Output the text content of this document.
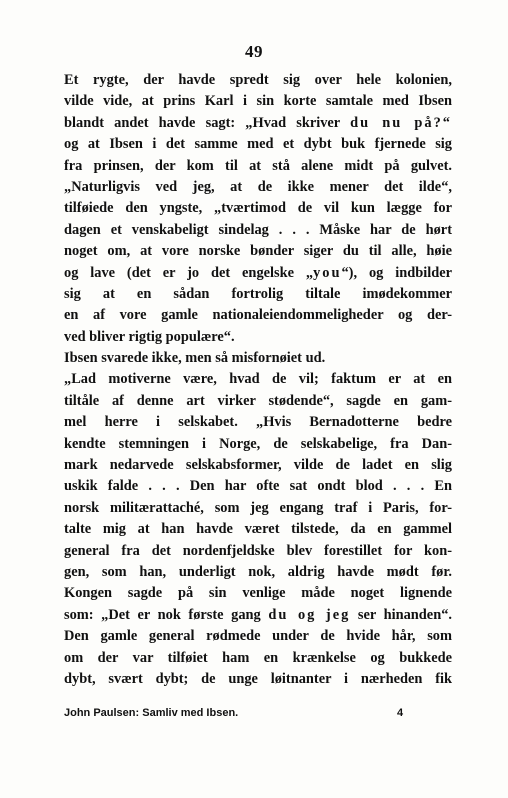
49
Et rygte, der havde spredt sig over hele kolonien,
vilde vide, at prins Karl i sin korte samtale med Ibsen
blandt andet havde sagt: „Hvad skriver du nu på?“
og at Ibsen i det samme med et dybt buk fjernede sig
fra prinsen, der kom til at stå alene midt på gulvet.
„Naturligvis ved jeg, at de ikke mener det ilde“,
tilføiede den yngste, „tværtimod de vil kun lægge for
dagen et venskabeligt sindelag . . . Måske har de hørt
noget om, at vore norske bønder siger du til alle, høie
og lave (det er jo det engelske „you“), og indbilder
sig at en sådan fortrolig tiltale imødekommer
en af vore gamle nationaleiendommeligheder og der-
ved bliver rigtig populære“.
Ibsen svarede ikke, men så misfornøiet ud.
„Lad motiverne være, hvad de vil; faktum er at en
tiltåle af denne art virker stødende“, sagde en gam-
mel herre i selskabet. „Hvis Bernadotterne bedre
kendte stemningen i Norge, de selskabelige, fra Dan-
mark nedarvede selskabsformer, vilde de ladet en slig
uskik falde . . . Den har ofte sat ondt blod . . . En
norsk militærattaché, som jeg engang traf i Paris, for-
talte mig at han havde været tilstede, da en gammel
general fra det nordenfjeldske blev forestillet for kon-
gen, som han, underligt nok, aldrig havde mødt før.
Kongen sagde på sin venlige måde noget lignende
som: „Det er nok første gang du og jeg ser hinanden“.
Den gamle general rødmede under de hvide hår, som
om der var tilføiet ham en krænkelse og bukkede
dybt, svært dybt; de unge løitnanter i nærheden fik
John Paulsen: Samliv med Ibsen.	4
